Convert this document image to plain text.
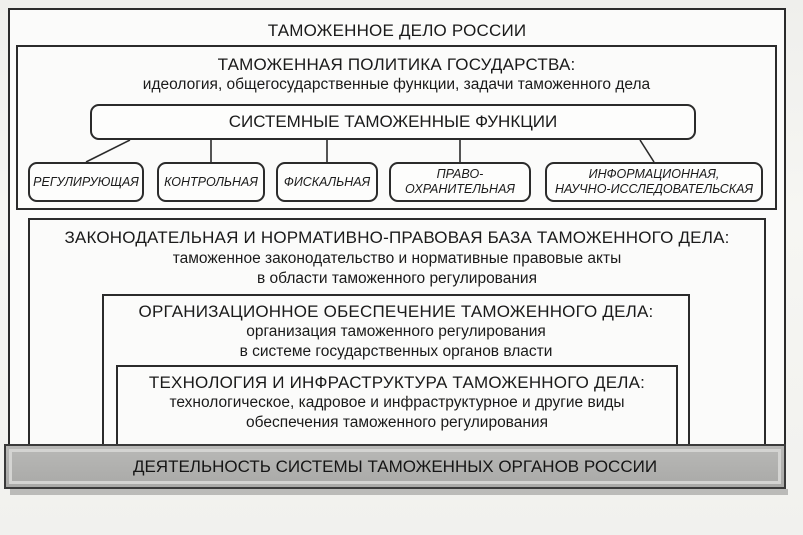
ТАМОЖЕННОЕ ДЕЛО РОССИИ
ТАМОЖЕННАЯ ПОЛИТИКА ГОСУДАРСТВА:
идеология, общегосударственные функции, задачи таможенного дела
СИСТЕМНЫЕ ТАМОЖЕННЫЕ ФУНКЦИИ
РЕГУЛИРУЮЩАЯ КОНТРОЛЬНАЯ ФИСКАЛЬНАЯ
ПРАВО-
ОХРАНИТЕЛЬНАЯ
ИНФОРМАЦИОННАЯ,
НАУЧНО-ИССЛЕДОВАТЕЛЬСКАЯ
ЗАКОНОДАТЕЛЬНАЯ И НОРМАТИВНО-ПРАВОВАЯ БАЗА ТАМОЖЕННОГО ДЕЛА:
таможенное законодательство и нормативные правовые акты
в области таможенного регулирования
ОРГАНИЗАЦИОННОЕ ОБЕСПЕЧЕНИЕ ТАМОЖЕННОГО ДЕЛА:
организация таможенного регулирования
в системе государственных органов власти
ТЕХНОЛОГИЯ И ИНФРАСТРУКТУРА ТАМОЖЕННОГО ДЕЛА:
технологическое, кадровое и инфраструктурное и другие виды
обеспечения таможенного регулирования
ДЕЯТЕЛЬНОСТЬ СИСТЕМЫ ТАМОЖЕННЫХ ОРГАНОВ РОССИИ
